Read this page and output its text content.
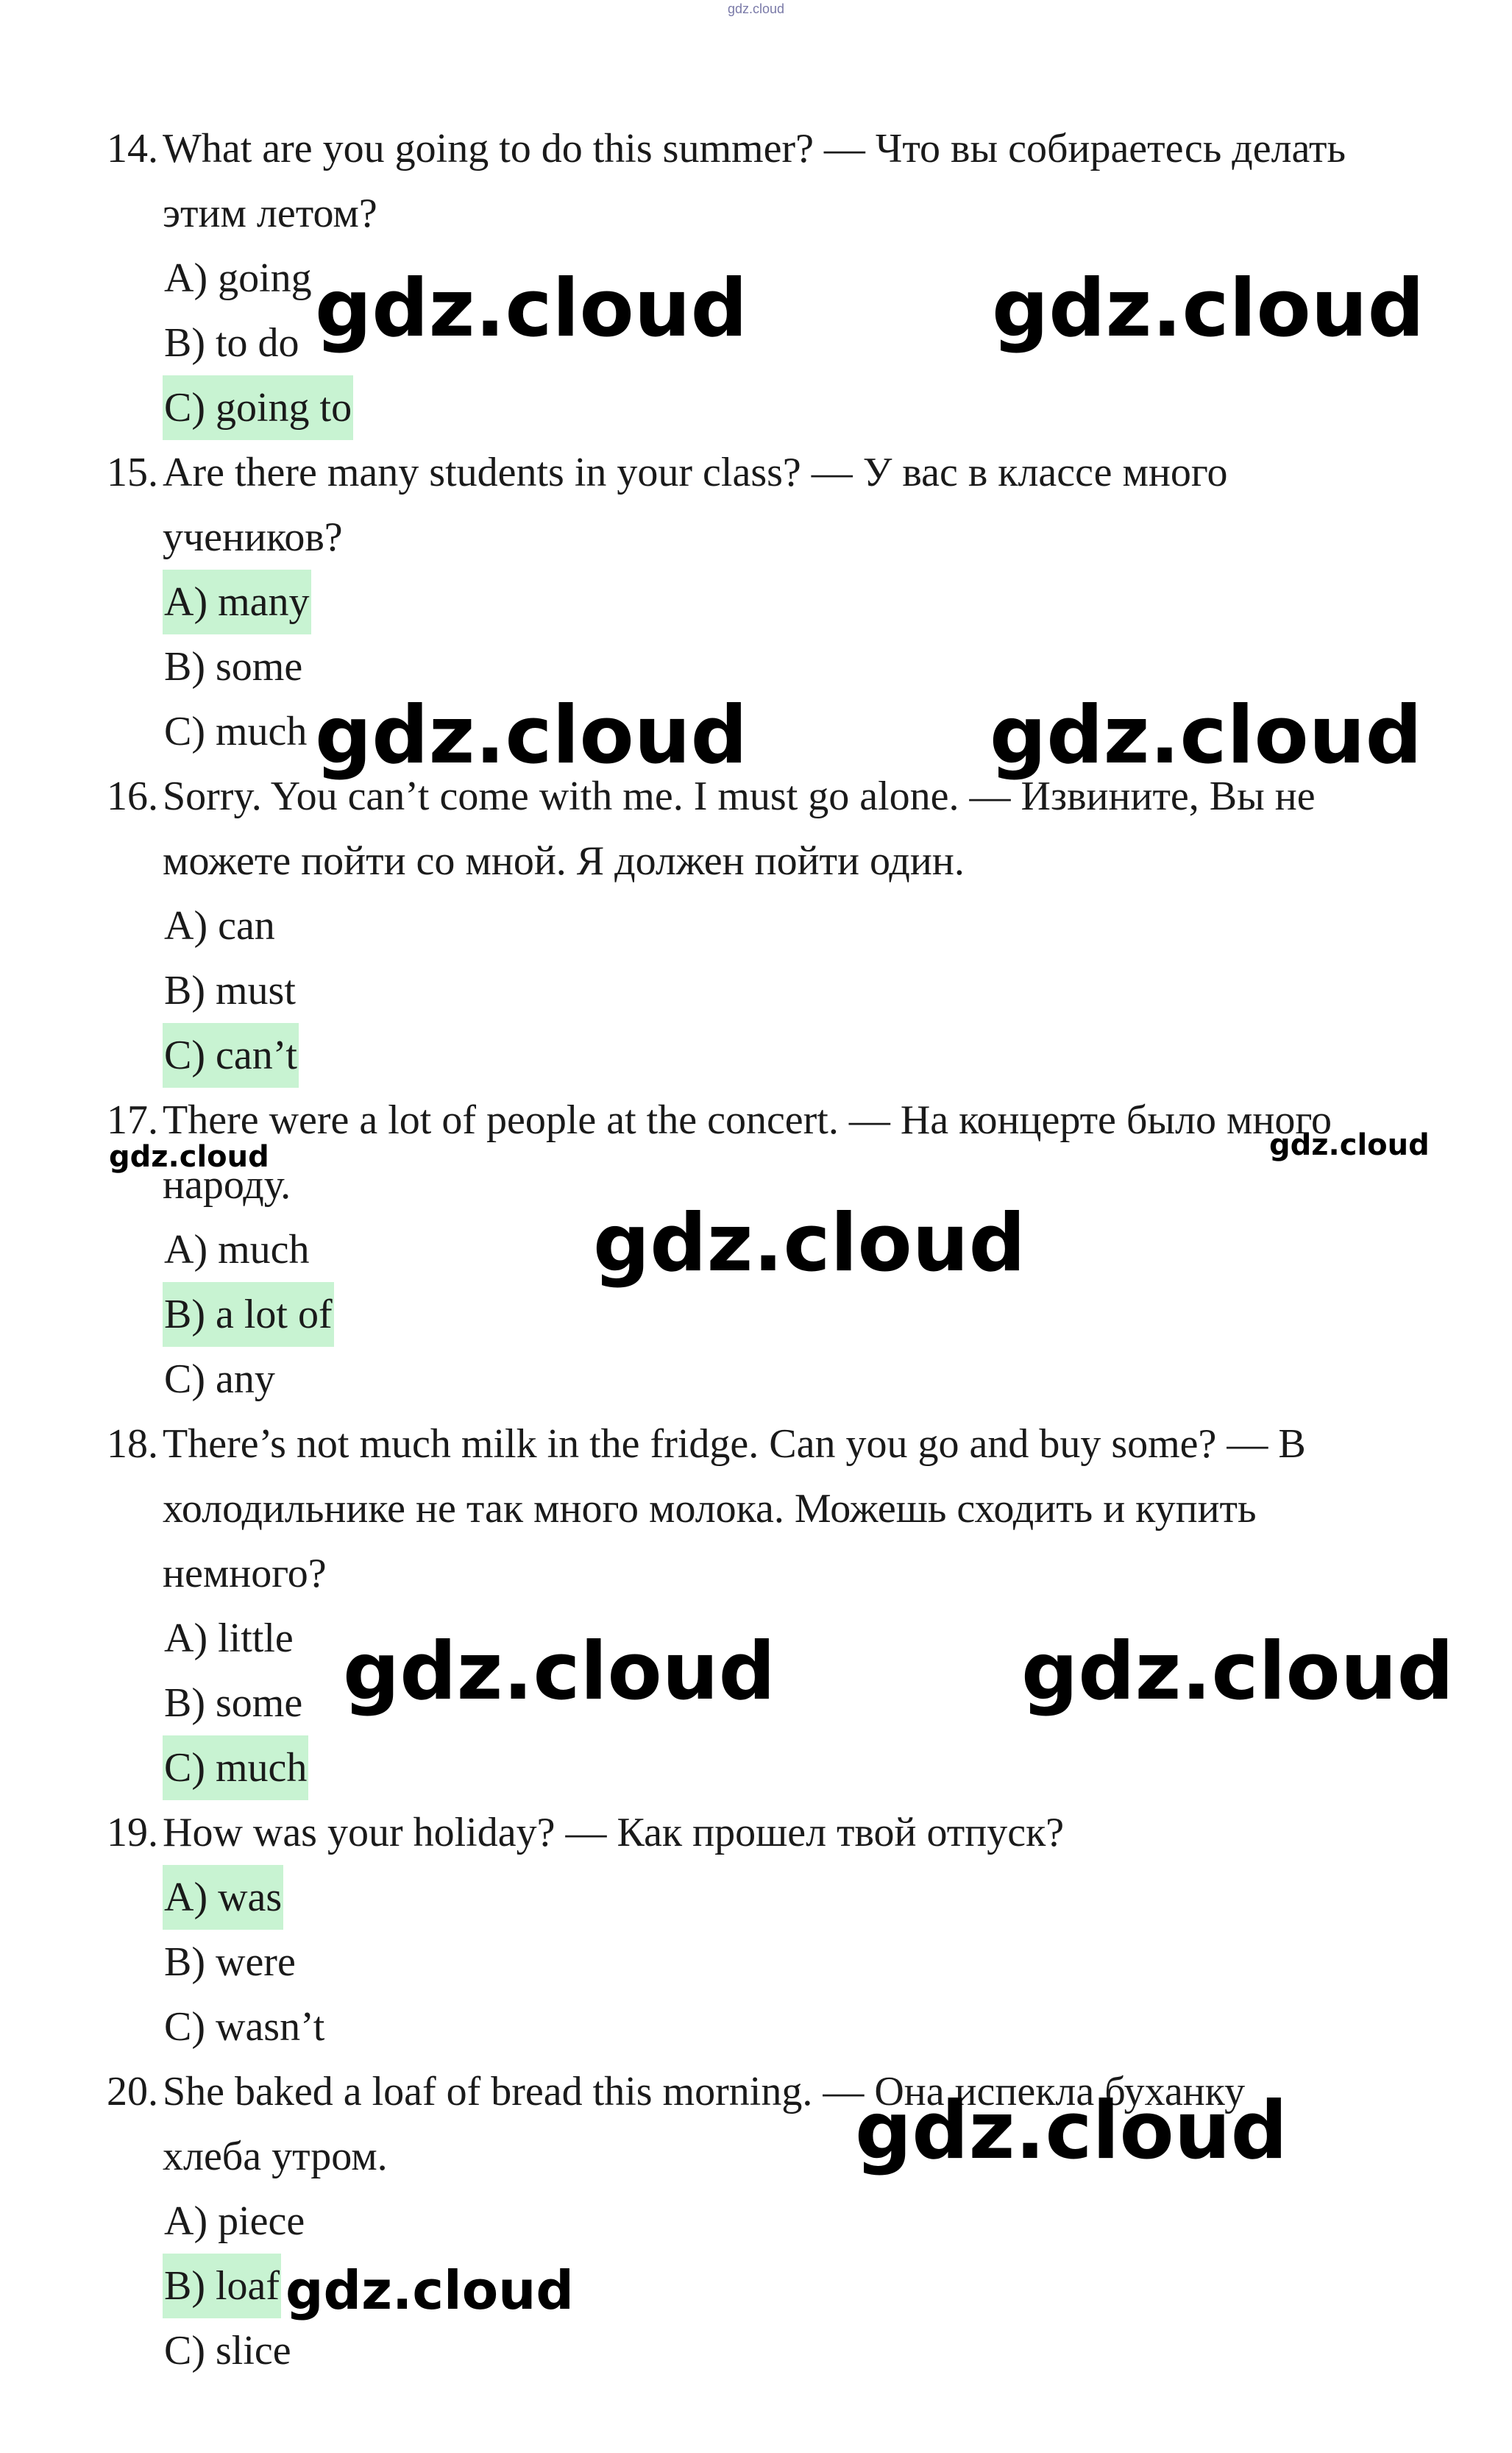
gdz.cloud
14. What are you going to do this summer? — Что вы собираетесь делать
этим летом?
A) going
B) to do
C) going to
15. Are there many students in your class? — У вас в классе много
учеников?
A) many
B) some
C) much
16. Sorry. You can’t come with me. I must go alone. — Извините, Вы не
можете пойти со мной. Я должен пойти один.
A) can
B) must
C) can’t
17. There were a lot of people at the concert. — На концерте было много
народу.
A) much
B) a lot of
C) any
18. There’s not much milk in the fridge. Can you go and buy some? — В
холодильнике не так много молока. Можешь сходить и купить
немного?
A) little
B) some
C) much
19. How was your holiday? — Как прошел твой отпуск?
A) was
B) were
C) wasn’t
20. She baked a loaf of bread this morning. — Она испекла буханку
хлеба утром.
A) piece
B) loaf
C) slice
gdz.cloud	gdz.cloud
gdz.cloud	gdz.cloud
gdz.cloud	gdz.cloud
gdz.cloud
gdz.cloud	gdz.cloud
gdz.cloud
gdz.cloud
